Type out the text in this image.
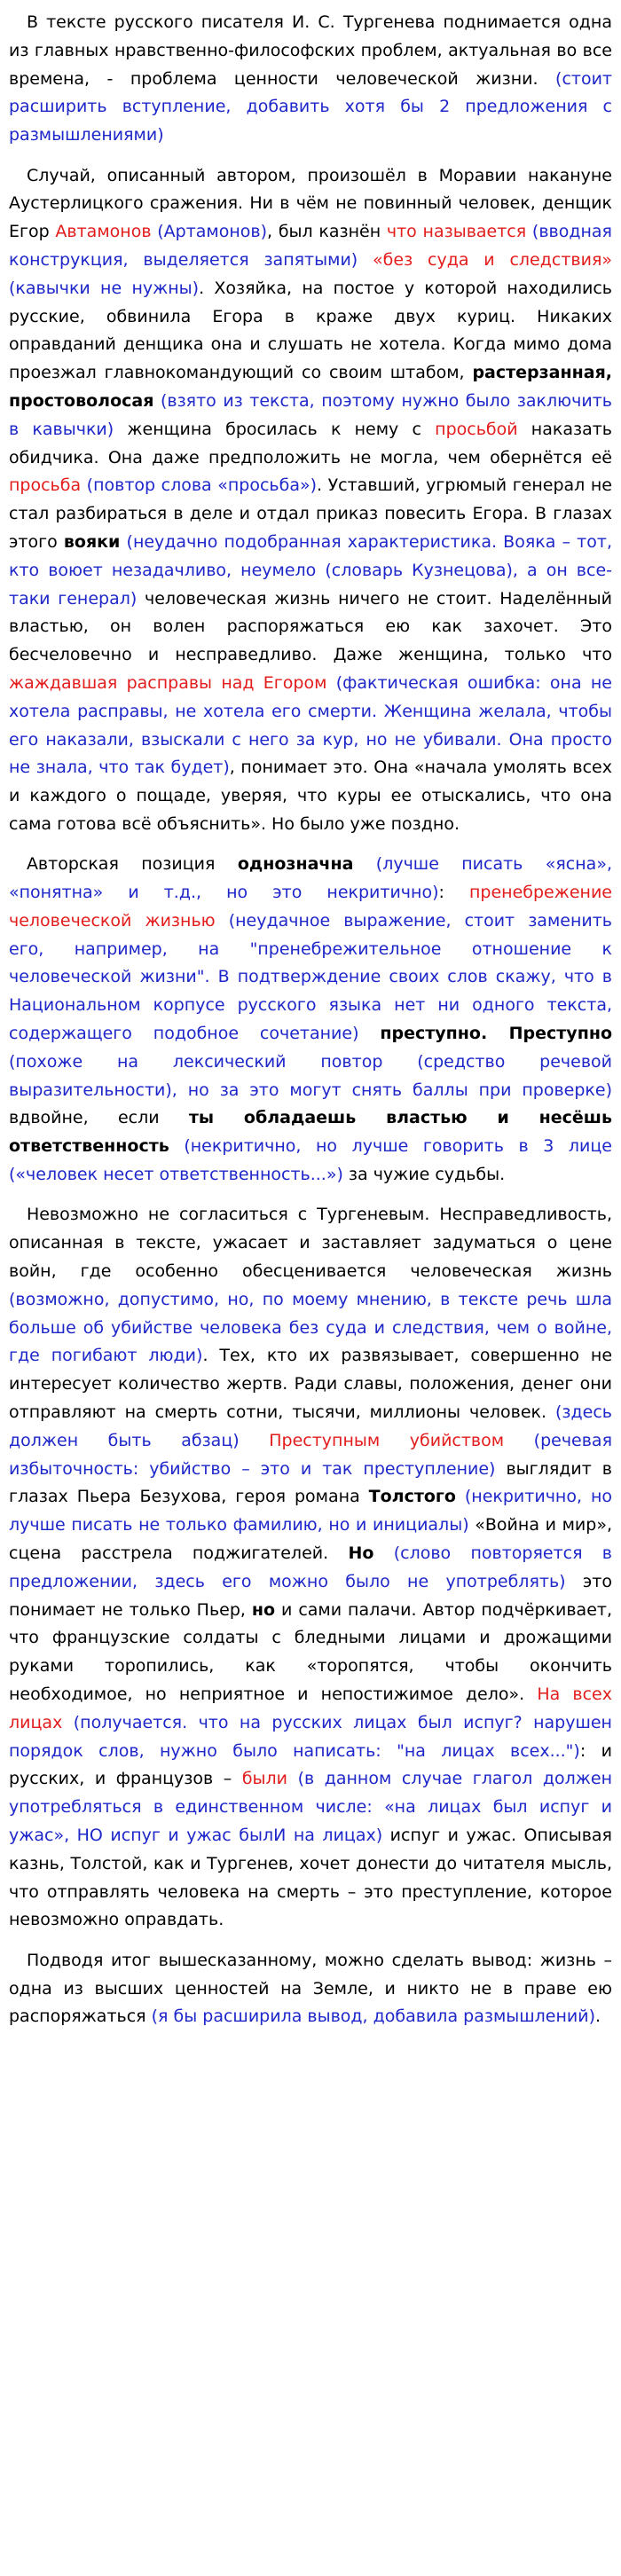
В тексте русского писателя И. С. Тургенева поднимается одна из главных нравственно-философских проблем, актуальная во все времена, - проблема ценности человеческой жизни. (стоит расширить вступление, добавить хотя бы 2 предложения с размышлениями)

Случай, описанный автором, произошёл в Моравии накануне Аустерлицкого сражения. Ни в чём не повинный человек, денщик Егор Автамонов (Артамонов), был казнён что называется (вводная конструкция, выделяется запятыми) «без суда и следствия» (кавычки не нужны). Хозяйка, на постое у которой находились русские, обвинила Егора в краже двух куриц. Никаких оправданий денщика она и слушать не хотела. Когда мимо дома проезжал главнокомандующий со своим штабом, растерзанная, простоволосая (взято из текста, поэтому нужно было заключить в кавычки) женщина бросилась к нему с просьбой наказать обидчика. Она даже предположить не могла, чем обернётся её просьба (повтор слова «просьба»). Уставший, угрюмый генерал не стал разбираться в деле и отдал приказ повесить Егора. В глазах этого вояки (неудачно подобранная характеристика. Вояка – тот, кто воюет незадачливо, неумело (словарь Кузнецова), а он все-таки генерал) человеческая жизнь ничего не стоит. Наделённый властью, он волен распоряжаться ею как захочет. Это бесчеловечно и несправедливо. Даже женщина, только что жаждавшая расправы над Егором (фактическая ошибка: она не хотела расправы, не хотела его смерти. Женщина желала, чтобы его наказали, взыскали с него за кур, но не убивали. Она просто не знала, что так будет), понимает это. Она «начала умолять всех и каждого о пощаде, уверяя, что куры ее отыскались, что она сама готова всё объяснить». Но было уже поздно.

Авторская позиция однозначна (лучше писать «ясна», «понятна» и т.д., но это некритично): пренебрежение человеческой жизнью (неудачное выражение, стоит заменить его, например, на "пренебрежительное отношение к человеческой жизни". В подтверждение своих слов скажу, что в Национальном корпусе русского языка нет ни одного текста, содержащего подобное сочетание) преступно. Преступно (похоже на лексический повтор (средство речевой выразительности), но за это могут снять баллы при проверке) вдвойне, если ты обладаешь властью и несёшь ответственность (некритично, но лучше говорить в 3 лице («человек несет ответственность...») за чужие судьбы.

Невозможно не согласиться с Тургеневым. Несправедливость, описанная в тексте, ужасает и заставляет задуматься о цене войн, где особенно обесценивается человеческая жизнь (возможно, допустимо, но, по моему мнению, в тексте речь шла больше об убийстве человека без суда и следствия, чем о войне, где погибают люди). Тех, кто их развязывает, совершенно не интересует количество жертв. Ради славы, положения, денег они отправляют на смерть сотни, тысячи, миллионы человек. (здесь должен быть абзац) Преступным убийством (речевая избыточность: убийство – это и так преступление) выглядит в глазах Пьера Безухова, героя романа Толстого (некритично, но лучше писать не только фамилию, но и инициалы) «Война и мир», сцена расстрела поджигателей. Но (слово повторяется в предложении, здесь его можно было не употреблять) это понимает не только Пьер, но и сами палачи. Автор подчёркивает, что французские солдаты с бледными лицами и дрожащими руками торопились, как «торопятся, чтобы окончить необходимое, но неприятное и непостижимое дело». На всех лицах (получается. что на русских лицах был испуг? нарушен порядок слов, нужно было написать: "на лицах всех..."): и русских, и французов – были (в данном случае глагол должен употребляться в единственном числе: «на лицах был испуг и ужас», НО испуг и ужас былИ на лицах) испуг и ужас. Описывая казнь, Толстой, как и Тургенев, хочет донести до читателя мысль, что отправлять человека на смерть – это преступление, которое невозможно оправдать.

Подводя итог вышесказанному, можно сделать вывод: жизнь – одна из высших ценностей на Земле, и никто не в праве ею распоряжаться (я бы расширила вывод, добавила размышлений).
